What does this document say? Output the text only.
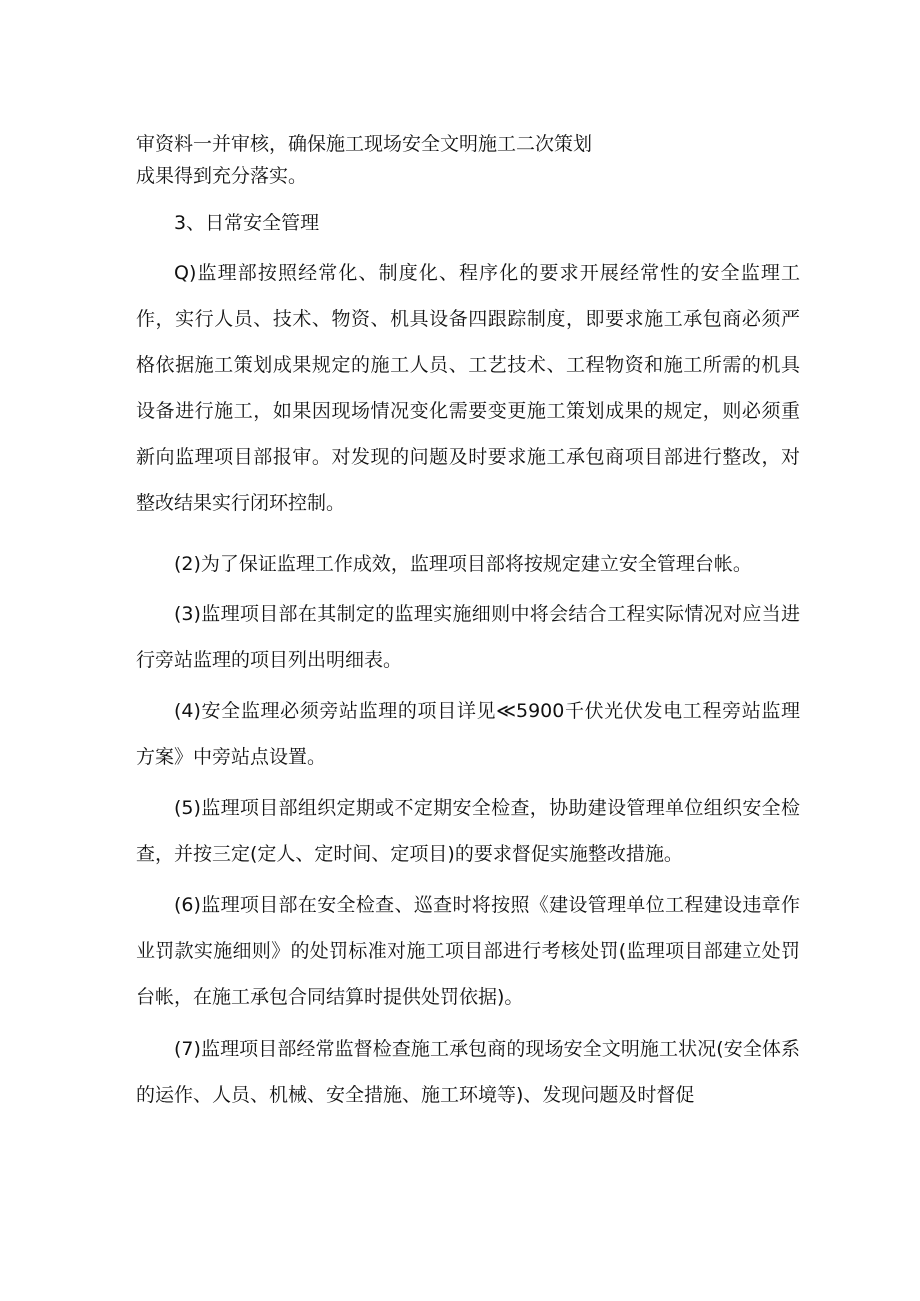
审资料一并审核，确保施工现场安全文明施工二次策划
成果得到充分落实。

3、日常安全管理

Q)监理部按照经常化、制度化、程序化的要求开展经常性的安全监理工作，实行人员、技术、物资、机具设备四跟踪制度，即要求施工承包商必须严格依据施工策划成果规定的施工人员、工艺技术、工程物资和施工所需的机具设备进行施工，如果因现场情况变化需要变更施工策划成果的规定，则必须重新向监理项目部报审。对发现的问题及时要求施工承包商项目部进行整改，对整改结果实行闭环控制。

(2)为了保证监理工作成效，监理项目部将按规定建立安全管理台帐。

(3)监理项目部在其制定的监理实施细则中将会结合工程实际情况对应当进行旁站监理的项目列出明细表。

(4)安全监理必须旁站监理的项目详见≪5900千伏光伏发电工程旁站监理方案》中旁站点设置。

(5)监理项目部组织定期或不定期安全检查，协助建设管理单位组织安全检查，并按三定(定人、定时间、定项目)的要求督促实施整改措施。

(6)监理项目部在安全检查、巡查时将按照《建设管理单位工程建设违章作业罚款实施细则》的处罚标准对施工项目部进行考核处罚(监理项目部建立处罚台帐，在施工承包合同结算时提供处罚依据)。

(7)监理项目部经常监督检查施工承包商的现场安全文明施工状况(安全体系的运作、人员、机械、安全措施、施工环境等)、发现问题及时督促
